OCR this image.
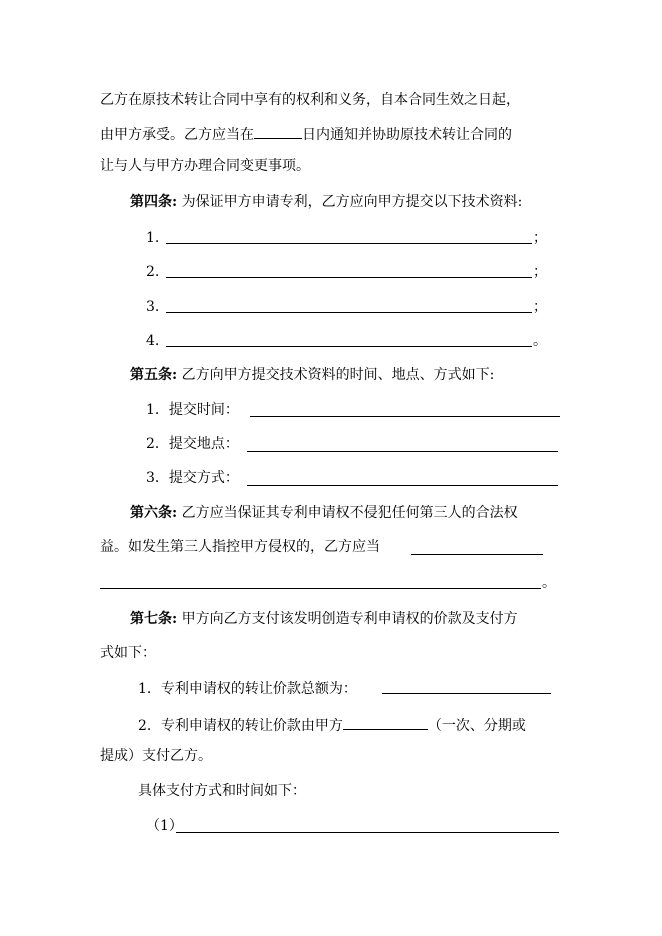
乙方在原技术转让合同中享有的权利和义务，自本合同生效之日起，
由甲方承受。乙方应当在	日内通知并协助原技术转让合同的
让与人与甲方办理合同变更事项。
第四条: 为保证甲方申请专利，乙方应向甲方提交以下技术资料:
1.	；
2.	；
3.	；
4.	。
第五条: 乙方向甲方提交技术资料的时间、地点、方式如下:
1．提交时间：
2．提交地点：
3．提交方式：
第六条: 乙方应当保证其专利申请权不侵犯任何第三人的合法权
益。如发生第三人指控甲方侵权的，乙方应当
。
第七条: 甲方向乙方支付该发明创造专利申请权的价款及支付方
式如下：
1．专利申请权的转让价款总额为：
2．专利申请权的转让价款由甲方	（一次、分期或
提成）支付乙方。
具体支付方式和时间如下：
（1）
